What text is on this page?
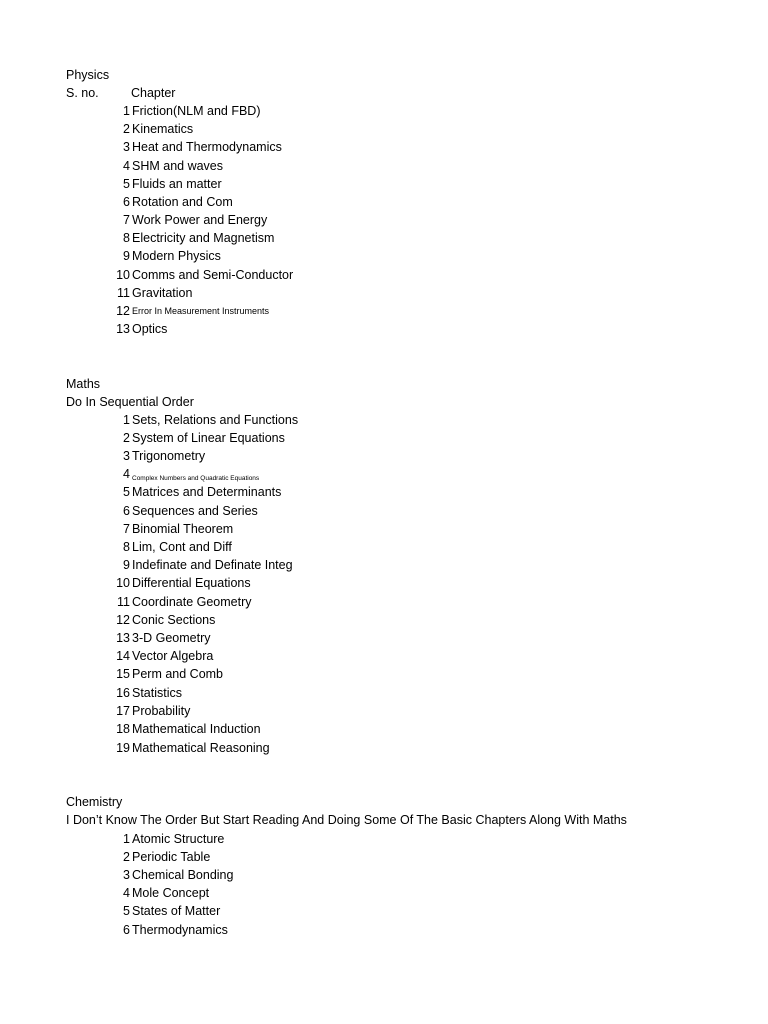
Physics
S. no.	Chapter
1 Friction(NLM and FBD)
2 Kinematics
3 Heat and Thermodynamics
4 SHM and waves
5 Fluids an matter
6 Rotation and Com
7 Work Power and Energy
8 Electricity and Magnetism
9 Modern Physics
10 Comms and Semi-Conductor
11 Gravitation
12 Error In Measurement Instruments
13 Optics
Maths
Do In Sequential Order
1 Sets, Relations and Functions
2 System of Linear Equations
3 Trigonometry
4 Complex Numbers and Quadratic Equations
5 Matrices and Determinants
6 Sequences and Series
7 Binomial Theorem
8 Lim, Cont and Diff
9 Indefinate and Definate Integ
10 Differential Equations
11 Coordinate Geometry
12 Conic Sections
13 3-D Geometry
14 Vector Algebra
15 Perm and Comb
16 Statistics
17 Probability
18 Mathematical Induction
19 Mathematical Reasoning
Chemistry
I Don’t Know The Order But Start Reading And Doing Some Of The Basic Chapters Along With Maths
1 Atomic Structure
2 Periodic Table
3 Chemical Bonding
4 Mole Concept
5 States of Matter
6 Thermodynamics
